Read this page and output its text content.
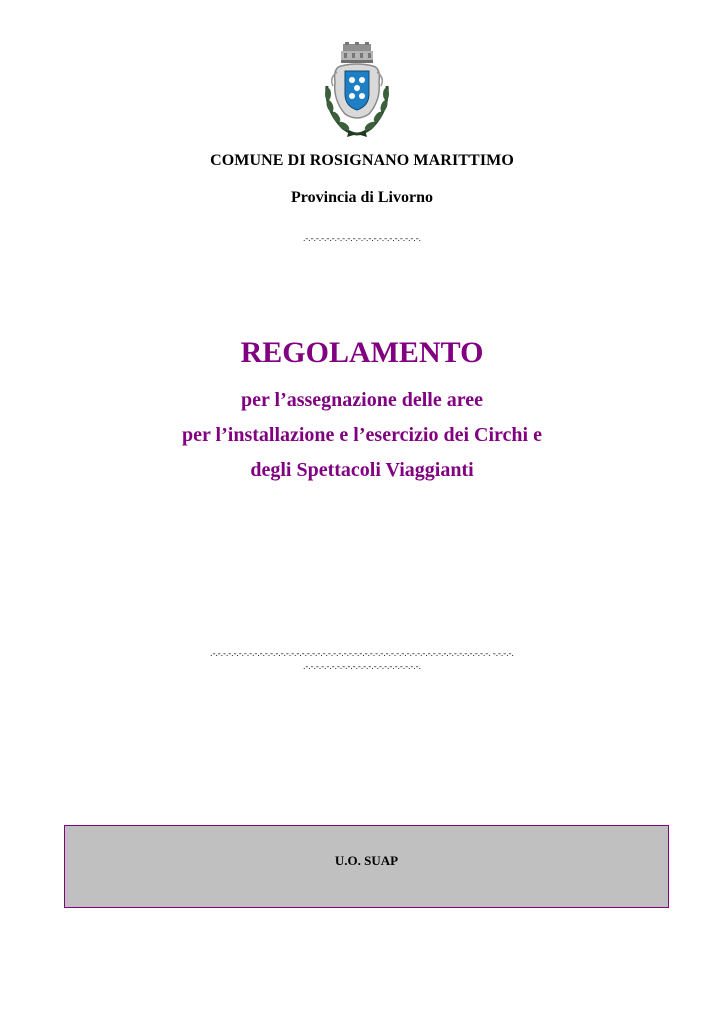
COMUNE DI ROSIGNANO MARITTIMO
Provincia di Livorno
.-.-.-.-.-.-.-.-.-.-.-.-.-.-.-.-.-.-.-.-.-.-.
REGOLAMENTO
per l’assegnazione delle aree
per l’installazione e l’esercizio dei Circhi e
degli Spettacoli Viaggianti
.-.-.-.-.-.-.-.-.-.-.-.-.-.-.-.-.-.-.-.-.-.-.-.-.-.-.-.-.-.-.-.-.-.-.-.-.-.-.-.-.-.-.-.-.-.-.-.-.-.-.-.-.-. -.-.-.-.
.-.-.-.-.-.-.-.-.-.-.-.-.-.-.-.-.-.-.-.-.-.-.
U.O. SUAP
